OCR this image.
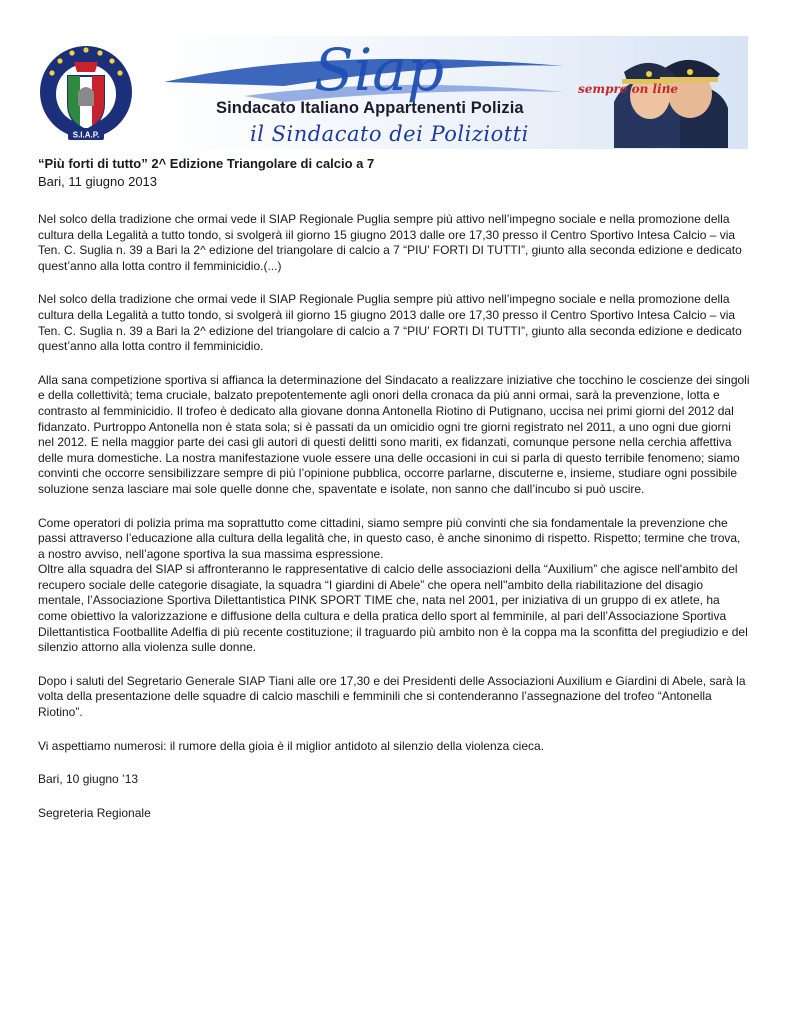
S.I.A.P.
Siap	sempre on line
Sindacato Italiano Appartenenti Polizia
il Sindacato dei Poliziotti

“Più forti di tutto” 2^ Edizione Triangolare di calcio a 7

Bari, 11 giugno 2013

Nel solco della tradizione che ormai vede il SIAP Regionale Puglia sempre più attivo nell’impegno sociale e nella promozione della cultura della Legalità a tutto tondo, si svolgerà iil giorno 15 giugno 2013 dalle ore 17,30 presso il Centro Sportivo Intesa Calcio – via Ten. C. Suglia n. 39 a Bari la 2^ edizione del triangolare di calcio a 7 “PIU’ FORTI DI TUTTI”, giunto alla seconda edizione e dedicato quest’anno alla lotta contro il femminicidio.(...)

Nel solco della tradizione che ormai vede il SIAP Regionale Puglia sempre più attivo nell’impegno sociale e nella promozione della cultura della Legalità a tutto tondo, si svolgerà iil giorno 15 giugno 2013 dalle ore 17,30 presso il Centro Sportivo Intesa Calcio – via Ten. C. Suglia n. 39 a Bari la 2^ edizione del triangolare di calcio a 7 “PIU’ FORTI DI TUTTI”, giunto alla seconda edizione e dedicato quest’anno alla lotta contro il femminicidio.

Alla sana competizione sportiva si affianca la determinazione del Sindacato a realizzare iniziative che tocchino le coscienze dei singoli e della collettività; tema cruciale, balzato prepotentemente agli onori della cronaca da più anni ormai, sarà la prevenzione, lotta e contrasto al femminicidio. Il trofeo è dedicato alla giovane donna Antonella Riotino di Putignano, uccisa nei primi giorni del 2012 dal fidanzato. Purtroppo Antonella non è stata sola; si è passati da un omicidio ogni tre giorni registrato nel 2011, a uno ogni due giorni nel 2012. E nella maggior parte dei casi gli autori di questi delitti sono mariti, ex fidanzati, comunque persone nella cerchia affettiva delle mura domestiche. La nostra manifestazione vuole essere una delle occasioni in cui si parla di questo terribile fenomeno; siamo convinti che occorre sensibilizzare sempre di più l’opinione pubblica, occorre parlarne, discuterne e, insieme, studiare ogni possibile soluzione senza lasciare mai sole quelle donne che, spaventate e isolate, non sanno che dall’incubo si può uscire.

Come operatori di polizia prima ma soprattutto come cittadini, siamo sempre più convinti che sia fondamentale la prevenzione che passi attraverso l’educazione alla cultura della legalità che, in questo caso, è anche sinonimo di rispetto. Rispetto; termine che trova, a nostro avviso, nell’agone sportiva la sua massima espressione.

Oltre alla squadra del SIAP si affronteranno le rappresentative di calcio delle associazioni della “Auxilium” che agisce nell'ambito del recupero sociale delle categorie disagiate, la squadra “I giardini di Abele” che opera nell''ambito della riabilitazione del disagio mentale, l’Associazione Sportiva Dilettantistica PINK SPORT TIME che, nata nel 2001, per iniziativa di un gruppo di ex atlete, ha come obiettivo la valorizzazione e diffusione della cultura e della pratica dello sport al femminile, al pari dell’Associazione Sportiva Dilettantistica Footballite Adelfia di più recente costituzione; il traguardo più ambito non è la coppa ma la sconfitta del pregiudizio e del silenzio attorno alla violenza sulle donne.

Dopo i saluti del Segretario Generale SIAP Tiani alle ore 17,30 e dei Presidenti delle Associazioni Auxilium e Giardini di Abele, sarà la volta della presentazione delle squadre di calcio maschili e femminili che si contenderanno l’assegnazione del trofeo “Antonella Riotino”.

Vi aspettiamo numerosi: il rumore della gioia è il miglior antidoto al silenzio della violenza cieca.

Bari, 10 giugno ’13

Segreteria Regionale
